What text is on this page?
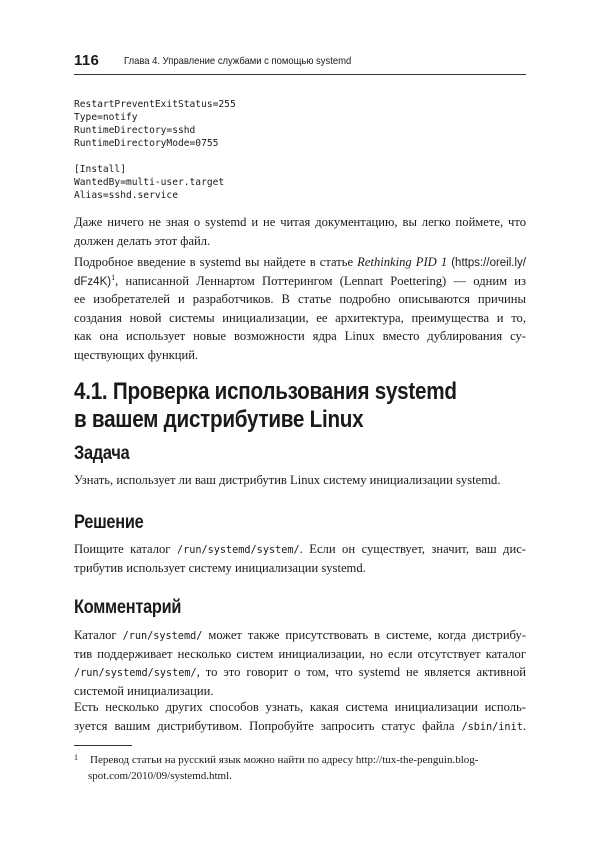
116 Глава 4. Управление службами с помощью systemd
RestartPreventExitStatus=255
Type=notify
RuntimeDirectory=sshd
RuntimeDirectoryMode=0755
[Install]
WantedBy=multi-user.target
Alias=sshd.service
Даже ничего не зная о systemd и не читая документацию, вы легко поймете, что
должен делать этот файл.
Подробное введение в systemd вы найдете в статье Rethinking PID 1 (https://oreil.ly/
dFz4K)$^1$, написанной Леннартом Поттерингом (Lennart Poettering) — одним из
ее изобретателей и разработчиков. В статье подробно описываются причины
создания новой системы инициализации, ее архитектура, преимущества и то,
как она использует новые возможности ядра Linux вместо дублирования су-
ществующих функций.
4.1. Проверка использования systemd
в вашем дистрибутиве Linux
Задача
Узнать, использует ли ваш дистрибутив Linux систему инициализации systemd.
Решение
Поищите каталог /run/systemd/system/. Если он существует, значит, ваш дис-
трибутив использует систему инициализации systemd.
Комментарий
Каталог /run/systemd/ может также присутствовать в системе, когда дистрибу-
тив поддерживает несколько систем инициализации, но если отсутствует каталог
/run/systemd/system/, то это говорит о том, что systemd не является активной
системой инициализации.
Есть несколько других способов узнать, какая система инициализации исполь-
зуется вашим дистрибутивом. Попробуйте запросить статус файла /sbin/init.
1 Перевод статьи на русский язык можно найти по адресу http://tux-the-penguin.blog-
spot.com/2010/09/systemd.html.
